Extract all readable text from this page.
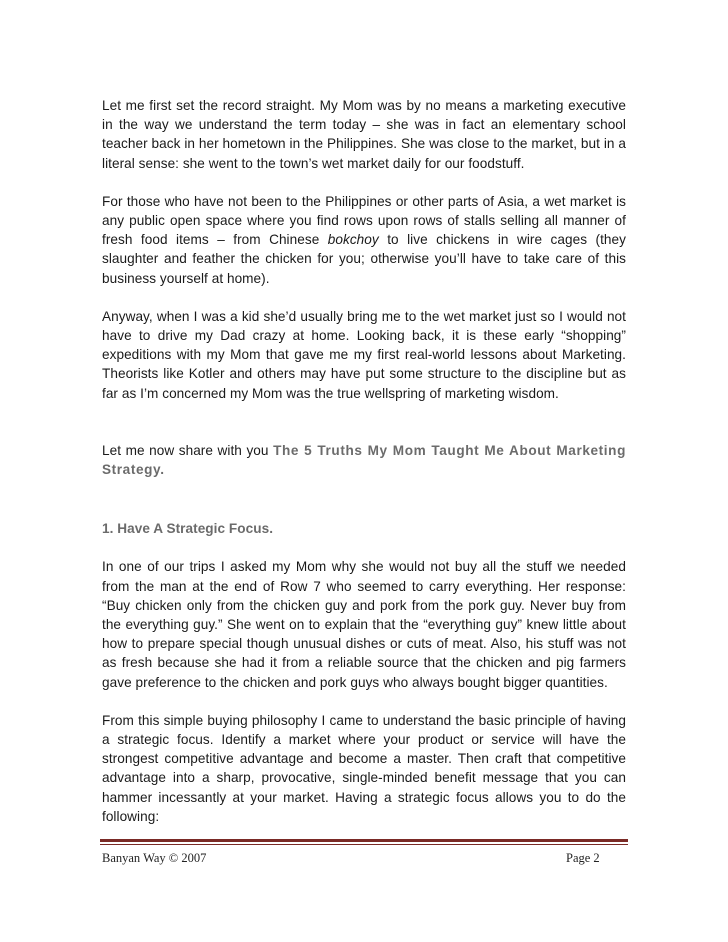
Let me first set the record straight. My Mom was by no means a marketing executive in the way we understand the term today – she was in fact an elementary school teacher back in her hometown in the Philippines. She was close to the market, but in a literal sense: she went to the town’s wet market daily for our foodstuff.

For those who have not been to the Philippines or other parts of Asia, a wet market is any public open space where you find rows upon rows of stalls selling all manner of fresh food items – from Chinese bokchoy to live chickens in wire cages (they slaughter and feather the chicken for you; otherwise you’ll have to take care of this business yourself at home).

Anyway, when I was a kid she’d usually bring me to the wet market just so I would not have to drive my Dad crazy at home. Looking back, it is these early “shopping” expeditions with my Mom that gave me my first real-world lessons about Marketing. Theorists like Kotler and others may have put some structure to the discipline but as far as I’m concerned my Mom was the true wellspring of marketing wisdom.

Let me now share with you The 5 Truths My Mom Taught Me About Marketing Strategy.

1. Have A Strategic Focus.

In one of our trips I asked my Mom why she would not buy all the stuff we needed from the man at the end of Row 7 who seemed to carry everything. Her response: “Buy chicken only from the chicken guy and pork from the pork guy. Never buy from the everything guy.” She went on to explain that the “everything guy” knew little about how to prepare special though unusual dishes or cuts of meat. Also, his stuff was not as fresh because she had it from a reliable source that the chicken and pig farmers gave preference to the chicken and pork guys who always bought bigger quantities.

From this simple buying philosophy I came to understand the basic principle of having a strategic focus. Identify a market where your product or service will have the strongest competitive advantage and become a master. Then craft that competitive advantage into a sharp, provocative, single-minded benefit message that you can hammer incessantly at your market. Having a strategic focus allows you to do the following:

Banyan Way © 2007	Page 2
